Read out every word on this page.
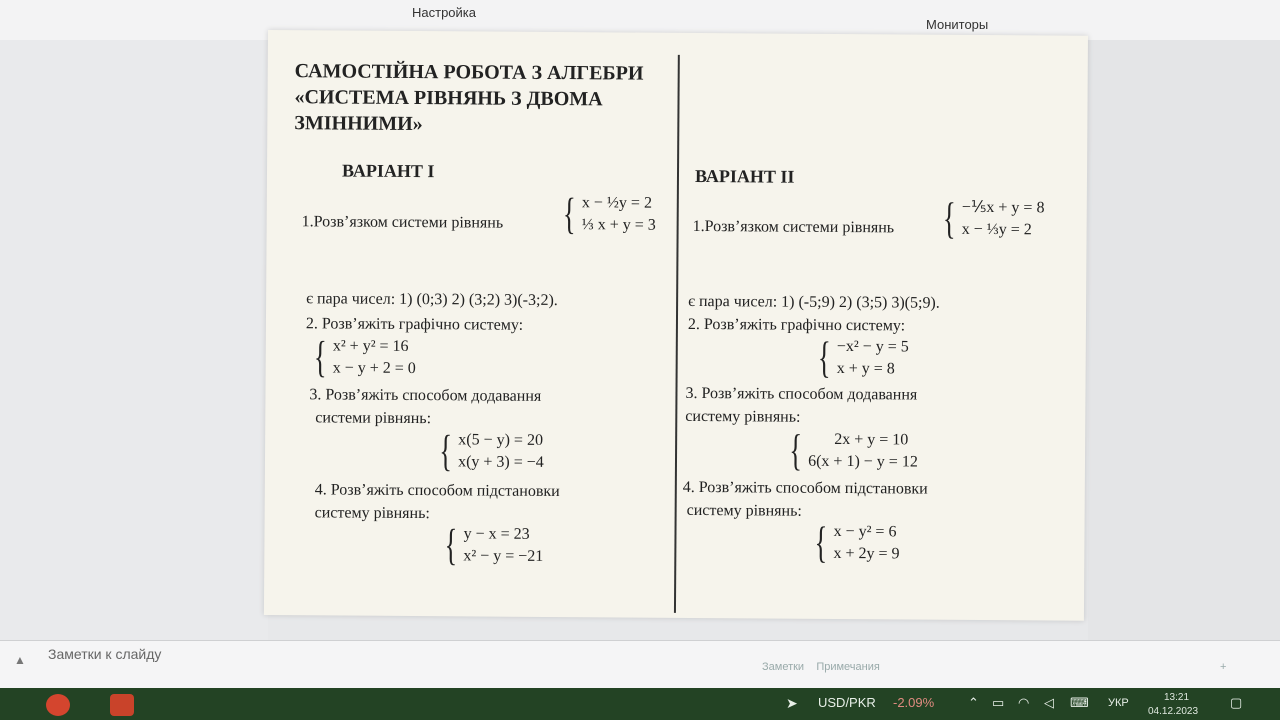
Настройка
Мониторы
САМОСТІЙНА РОБОТА З АЛГЕБРИ «СИСТЕМА РІВНЯНЬ З ДВОМА ЗМІННИМИ»
ВАРІАНТ І
1.Розв’язком системи рівнянь { x − ½y = 2
⅓ x + y = 3
є пара чисел: 1) (0;3) 2) (3;2) 3)(-3;2).
2. Розв’яжіть графічно систему:
{ x² + y² = 16
x − y + 2 = 0
3. Розв’яжіть способом додавання
системи рівнянь:
{ x(5 − y) = 20
x(y + 3) = −4
4. Розв’яжіть способом підстановки
систему рівнянь:
{ y − x = 23
x² − y = −21
ВАРІАНТ ІІ
1.Розв’язком системи рівнянь { −⅕x + y = 8
x − ⅓y = 2
є пара чисел: 1) (-5;9) 2) (3;5) 3)(5;9).
2. Розв’яжіть графічно систему:
{ −x² − y = 5
x + y = 8
3. Розв’яжіть способом додавання
систему рівнянь:
{	2x + y = 10
6(x + 1) − y = 12
4. Розв’яжіть способом підстановки
систему рівнянь:
{ x − y² = 6
x + 2y = 9
▲ Заметки к слайду
Заметки Примечания	+
➤ USD/PKR -2.09%	⌃ ▭ ◠ ◁ ⌨ УКР	13:21
04.12.2023
▢
